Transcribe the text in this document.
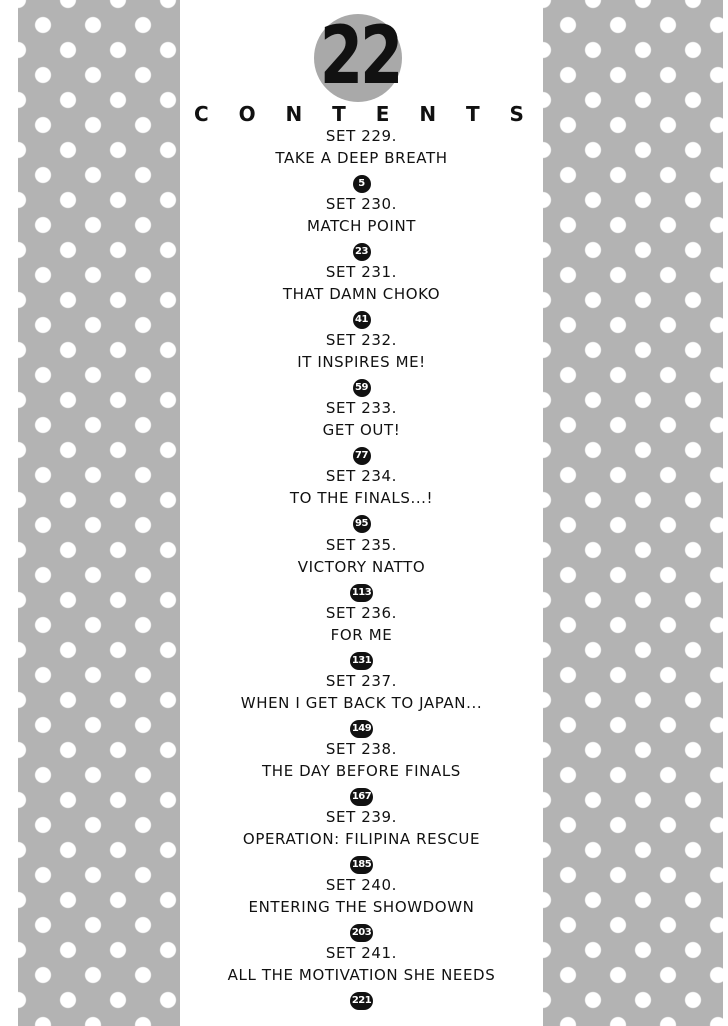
22
C O N T E N T S
SET 229.
TAKE A DEEP BREATH
5
SET 230.
MATCH POINT
23
SET 231.
THAT DAMN CHOKO
41
SET 232.
IT INSPIRES ME!
59
SET 233.
GET OUT!
77
SET 234.
TO THE FINALS...!
95
SET 235.
VICTORY NATTO
113
SET 236.
FOR ME
131
SET 237.
WHEN I GET BACK TO JAPAN...
149
SET 238.
THE DAY BEFORE FINALS
167
SET 239.
OPERATION: FILIPINA RESCUE
185
SET 240.
ENTERING THE SHOWDOWN
203
SET 241.
ALL THE MOTIVATION SHE NEEDS
221
